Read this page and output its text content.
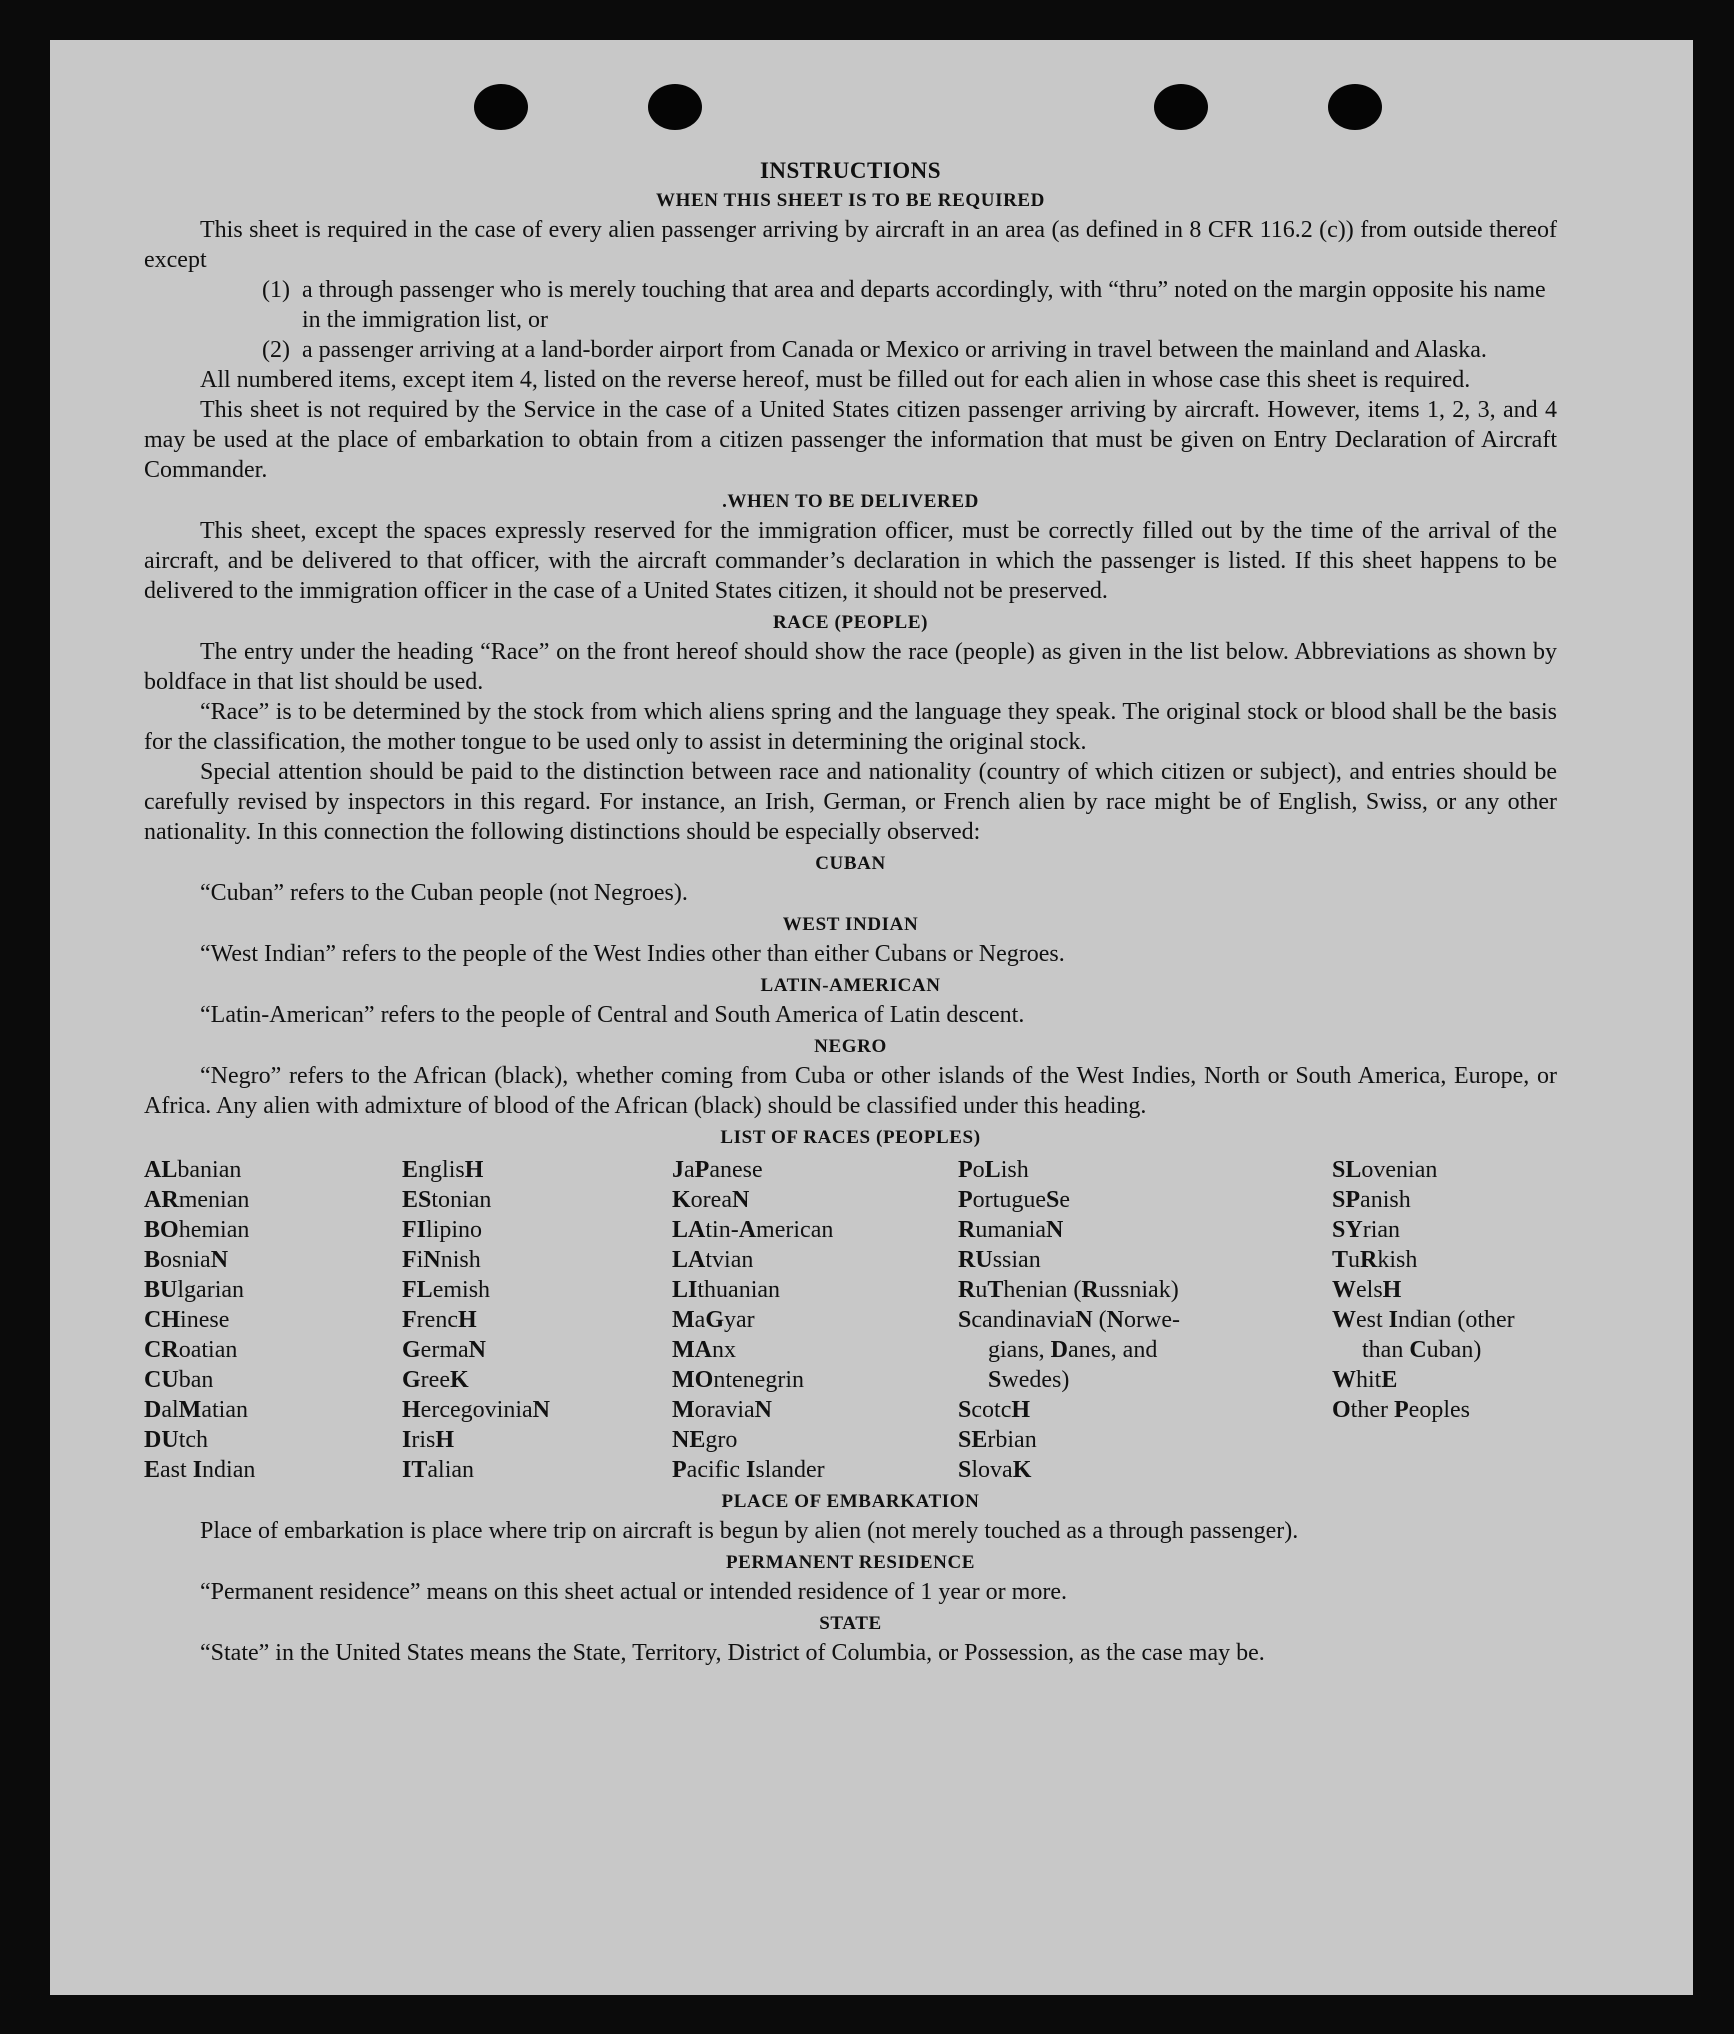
INSTRUCTIONS
WHEN THIS SHEET IS TO BE REQUIRED

This sheet is required in the case of every alien passenger arriving by aircraft in an area (as defined in 8 CFR 116.2 (c)) from outside thereof except

(1) a through passenger who is merely touching that area and departs accordingly, with “thru” noted on the margin opposite his name in the immigration list, or
(2) a passenger arriving at a land-border airport from Canada or Mexico or arriving in travel between the mainland and Alaska.

All numbered items, except item 4, listed on the reverse hereof, must be filled out for each alien in whose case this sheet is required.

This sheet is not required by the Service in the case of a United States citizen passenger arriving by aircraft. However, items 1, 2, 3, and 4 may be used at the place of embarkation to obtain from a citizen passenger the information that must be given on Entry Declaration of Aircraft Commander.

.WHEN TO BE DELIVERED

This sheet, except the spaces expressly reserved for the immigration officer, must be correctly filled out by the time of the arrival of the aircraft, and be delivered to that officer, with the aircraft commander’s declaration in which the passenger is listed. If this sheet happens to be delivered to the immigration officer in the case of a United States citizen, it should not be preserved.

RACE (PEOPLE)

The entry under the heading “Race” on the front hereof should show the race (people) as given in the list below. Abbreviations as shown by boldface in that list should be used.

“Race” is to be determined by the stock from which aliens spring and the language they speak. The original stock or blood shall be the basis for the classification, the mother tongue to be used only to assist in determining the original stock.

Special attention should be paid to the distinction between race and nationality (country of which citizen or subject), and entries should be carefully revised by inspectors in this regard. For instance, an Irish, German, or French alien by race might be of English, Swiss, or any other nationality. In this connection the following distinctions should be especially observed:

CUBAN

“Cuban” refers to the Cuban people (not Negroes).

WEST INDIAN

“West Indian” refers to the people of the West Indies other than either Cubans or Negroes.

LATIN-AMERICAN

“Latin-American” refers to the people of Central and South America of Latin descent.

NEGRO

“Negro” refers to the African (black), whether coming from Cuba or other islands of the West Indies, North or South America, Europe, or Africa. Any alien with admixture of blood of the African (black) should be classified under this heading.

LIST OF RACES (PEOPLES)
ALbanian
ARmenian
BOhemian
BosniaN
BUlgarian
CHinese
CRoatian
CUban
DalMatian
DUtch
East Indian
EnglisH
EStonian
FIlipino
FiNnish
FLemish
FrencH
GermaN
GreeK
HercegoviniaN
IrisH
ITalian
JaPanese
KoreaN
LAtin-American
LAtvian
LIthuanian
MaGyar
MAnx
MOntenegrin
MoraviaN
NEgro
Pacific Islander
PoLish
PortugueSe
RumaniaN
RUssian
RuThenian (Russniak)
ScandinaviaN (Norwe-
gians, Danes, and
Swedes)
ScotcH
SErbian
SlovaK
SLovenian
SPanish
SYrian
TuRkish
WelsH
West Indian (other
than Cuban)
WhitE
Other Peoples
PLACE OF EMBARKATION

Place of embarkation is place where trip on aircraft is begun by alien (not merely touched as a through passenger).

PERMANENT RESIDENCE

“Permanent residence” means on this sheet actual or intended residence of 1 year or more.

STATE

“State” in the United States means the State, Territory, District of Columbia, or Possession, as the case may be.
